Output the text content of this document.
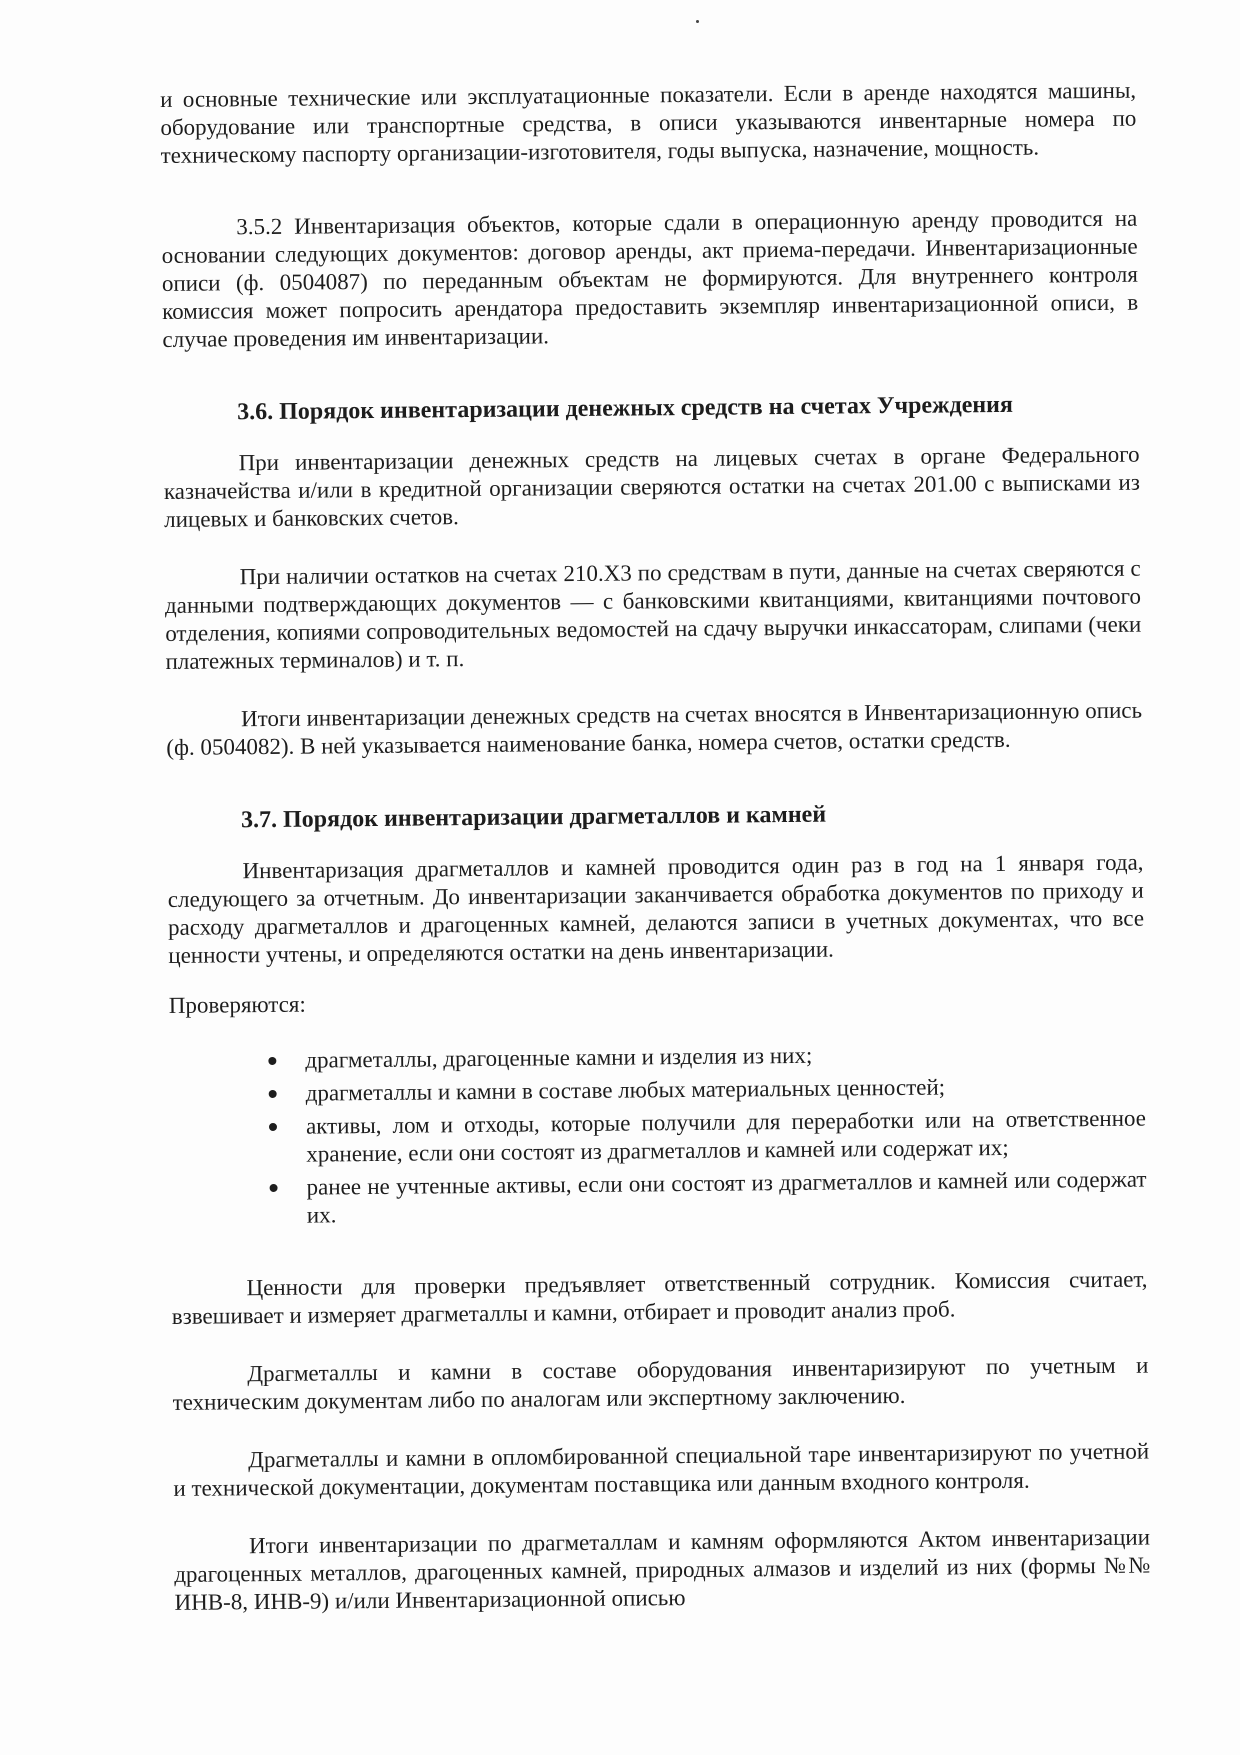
и основные технические или эксплуатационные показатели. Если в аренде находятся машины, оборудование или транспортные средства, в описи указываются инвентарные номера по техническому паспорту организации-изготовителя, годы выпуска, назначение, мощность.

3.5.2 Инвентаризация объектов, которые сдали в операционную аренду проводится на основании следующих документов: договор аренды, акт приема-передачи. Инвентаризационные описи (ф. 0504087) по переданным объектам не формируются. Для внутреннего контроля комиссия может попросить арендатора предоставить экземпляр инвентаризационной описи, в случае проведения им инвентаризации.

3.6. Порядок инвентаризации денежных средств на счетах Учреждения

При инвентаризации денежных средств на лицевых счетах в органе Федерального казначейства и/или в кредитной организации сверяются остатки на счетах 201.00 с выписками из лицевых и банковских счетов.

При наличии остатков на счетах 210.Х3 по средствам в пути, данные на счетах сверяются с данными подтверждающих документов — с банковскими квитанциями, квитанциями почтового отделения, копиями сопроводительных ведомостей на сдачу выручки инкассаторам, слипами (чеки платежных терминалов) и т. п.

Итоги инвентаризации денежных средств на счетах вносятся в Инвентаризационную опись (ф. 0504082). В ней указывается наименование банка, номера счетов, остатки средств.

3.7. Порядок инвентаризации драгметаллов и камней

Инвентаризация драгметаллов и камней проводится один раз в год на 1 января года, следующего за отчетным. До инвентаризации заканчивается обработка документов по приходу и расходу драгметаллов и драгоценных камней, делаются записи в учетных документах, что все ценности учтены, и определяются остатки на день инвентаризации.

Проверяются:

драгметаллы, драгоценные камни и изделия из них;
драгметаллы и камни в составе любых материальных ценностей;
активы, лом и отходы, которые получили для переработки или на ответственное хранение, если они состоят из драгметаллов и камней или содержат их;
ранее не учтенные активы, если они состоят из драгметаллов и камней или содержат их.

Ценности для проверки предъявляет ответственный сотрудник. Комиссия считает, взвешивает и измеряет драгметаллы и камни, отбирает и проводит анализ проб.

Драгметаллы и камни в составе оборудования инвентаризируют по учетным и техническим документам либо по аналогам или экспертному заключению.

Драгметаллы и камни в опломбированной специальной таре инвентаризируют по учетной и технической документации, документам поставщика или данным входного контроля.

Итоги инвентаризации по драгметаллам и камням оформляются Актом инвентаризации драгоценных металлов, драгоценных камней, природных алмазов и изделий из них (формы №№ ИНВ-8, ИНВ-9) и/или Инвентаризационной описью
